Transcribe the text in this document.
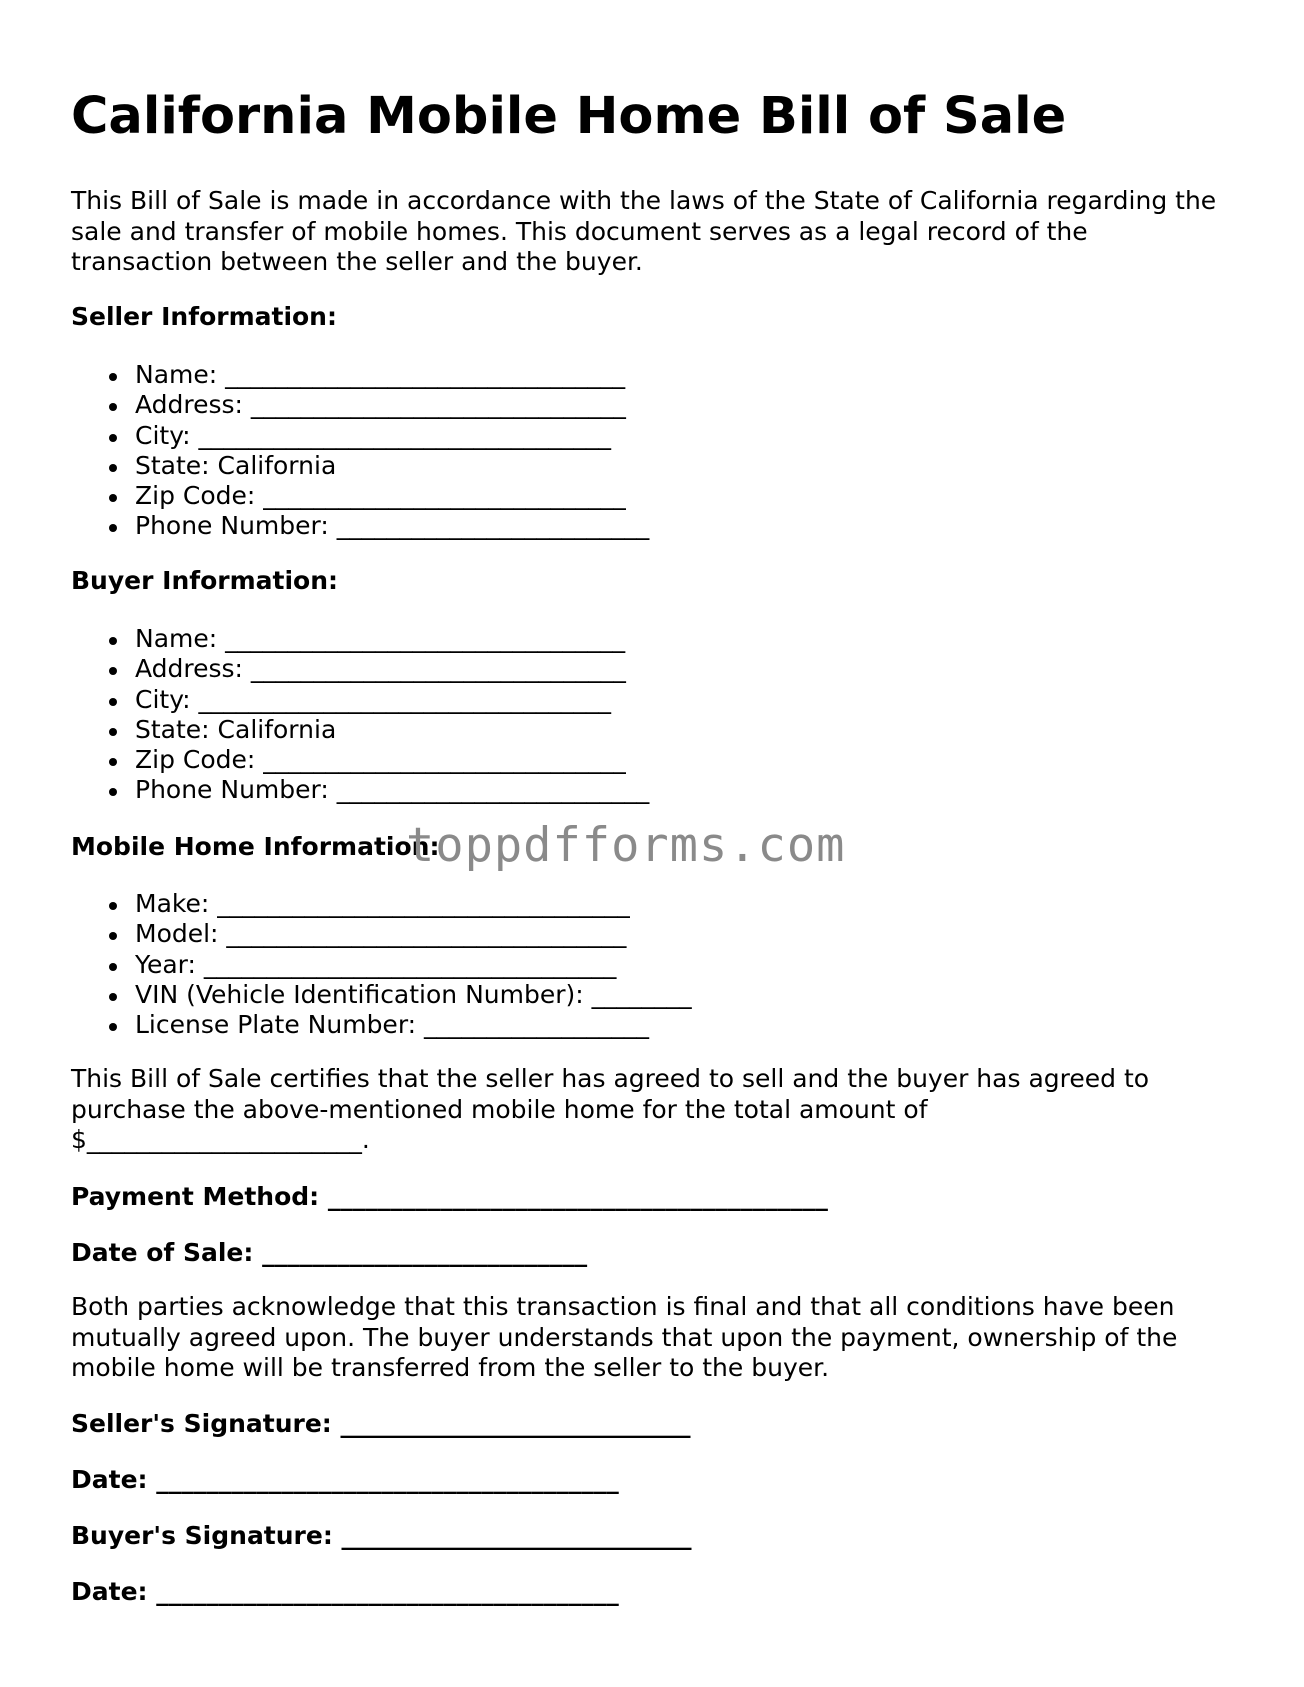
California Mobile Home Bill of Sale

This Bill of Sale is made in accordance with the laws of the State of California regarding the sale and transfer of mobile homes. This document serves as a legal record of the transaction between the seller and the buyer.

Seller Information:

Name: ________________________________
Address: ______________________________
City: _________________________________
State: California
Zip Code: _____________________________
Phone Number: _________________________

Buyer Information:

Name: ________________________________
Address: ______________________________
City: _________________________________
State: California
Zip Code: _____________________________
Phone Number: _________________________

Mobile Home Information:

Make: _________________________________
Model: ________________________________
Year: _________________________________
VIN (Vehicle Identification Number): ________
License Plate Number: __________________

This Bill of Sale certifies that the seller has agreed to sell and the buyer has agreed to purchase the above-mentioned mobile home for the total amount of $______________________.

Payment Method: ________________________________________

Date of Sale: __________________________

Both parties acknowledge that this transaction is final and that all conditions have been mutually agreed upon. The buyer understands that upon the payment, ownership of the mobile home will be transferred from the seller to the buyer.

Seller's Signature: ____________________________

Date: _____________________________________

Buyer's Signature: ____________________________

Date: _____________________________________

toppdfforms.com
